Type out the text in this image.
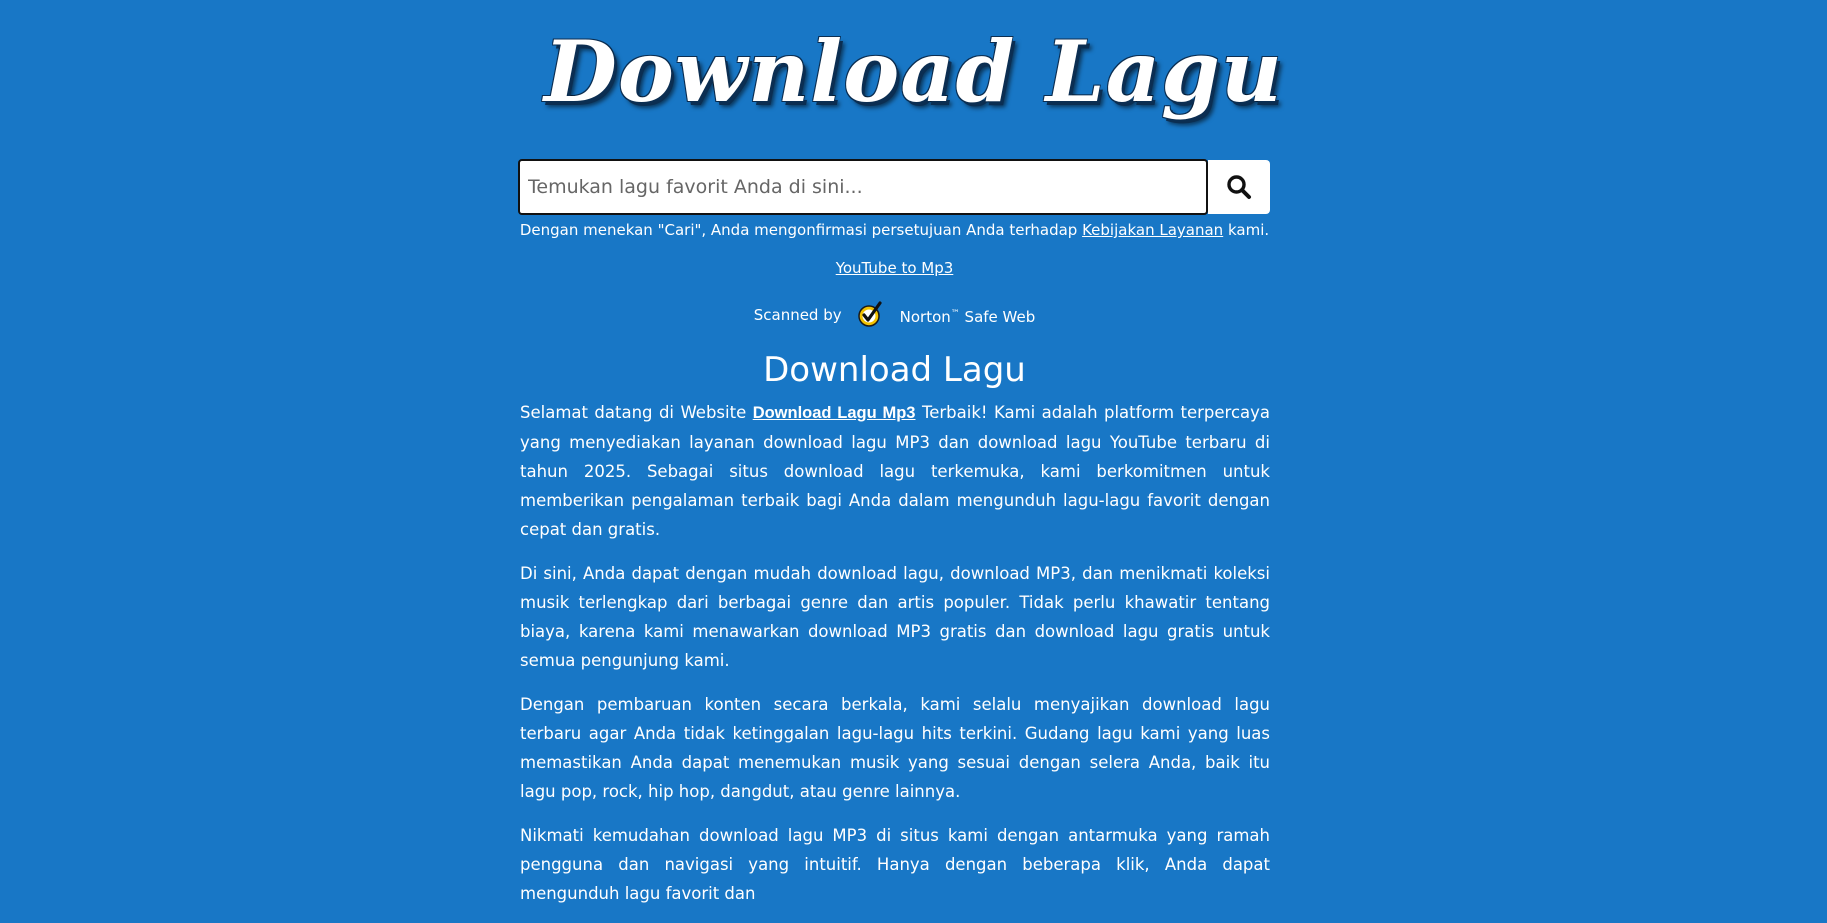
Download Lagu
Temukan lagu favorit Anda di sini...
Dengan menekan "Cari", Anda mengonfirmasi persetujuan Anda terhadap Kebijakan Layanan kami.
YouTube to Mp3
Scanned by	Norton™ Safe Web
Download Lagu

Selamat datang di Website Download Lagu Mp3 Terbaik! Kami adalah platform terpercaya yang menyediakan layanan download lagu MP3 dan download lagu YouTube terbaru di tahun 2025. Sebagai situs download lagu terkemuka, kami berkomitmen untuk memberikan pengalaman terbaik bagi Anda dalam mengunduh lagu-lagu favorit dengan cepat dan gratis.

Di sini, Anda dapat dengan mudah download lagu, download MP3, dan menikmati koleksi musik terlengkap dari berbagai genre dan artis populer. Tidak perlu khawatir tentang biaya, karena kami menawarkan download MP3 gratis dan download lagu gratis untuk semua pengunjung kami.

Dengan pembaruan konten secara berkala, kami selalu menyajikan download lagu terbaru agar Anda tidak ketinggalan lagu-lagu hits terkini. Gudang lagu kami yang luas memastikan Anda dapat menemukan musik yang sesuai dengan selera Anda, baik itu lagu pop, rock, hip hop, dangdut, atau genre lainnya.

Nikmati kemudahan download lagu MP3 di situs kami dengan antarmuka yang ramah pengguna dan navigasi yang intuitif. Hanya dengan beberapa klik, Anda dapat mengunduh lagu favorit dan
